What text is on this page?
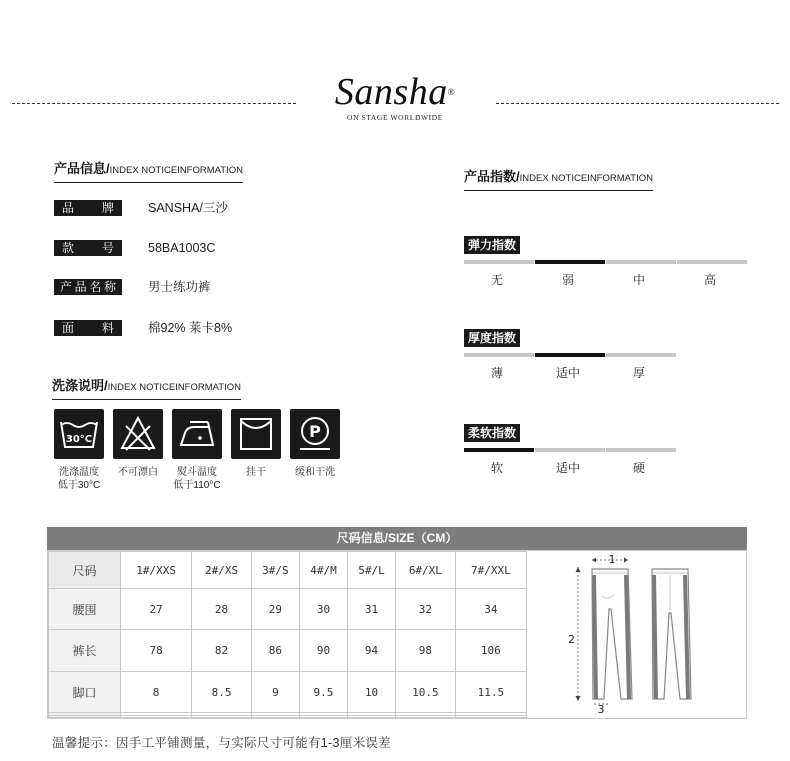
Sansha®
ON STAGE WORLDWIDE
产品信息/INDEX NOTICEINFORMATION
品　牌	SANSHA/三沙
款　号	58BA1003C
产品名称	男士练功裤
面　料	棉92% 莱卡8%
洗涤说明/INDEX NOTICEINFORMATION
30°C	P
洗涤温度
低于30°C
不可漂白	熨斗温度
低于110°C
挂干	缓和干洗
产品指数/INDEX NOTICEINFORMATION
弹力指数
无	弱	中	高
厚度指数
薄	适中	厚
柔软指数
软	适中	硬
尺码信息/SIZE（CM）
尺码	1#/XXS	2#/XS	3#/S	4#/M	5#/L	6#/XL	7#/XXL
腰围	27	28	29	30	31	32	34
裤长	78	82	86	90	94	98	106
脚口	8	8.5	9	9.5	10	10.5	11.5

1
2
3
温馨提示：因手工平铺测量，与实际尺寸可能有1-3厘米误差
